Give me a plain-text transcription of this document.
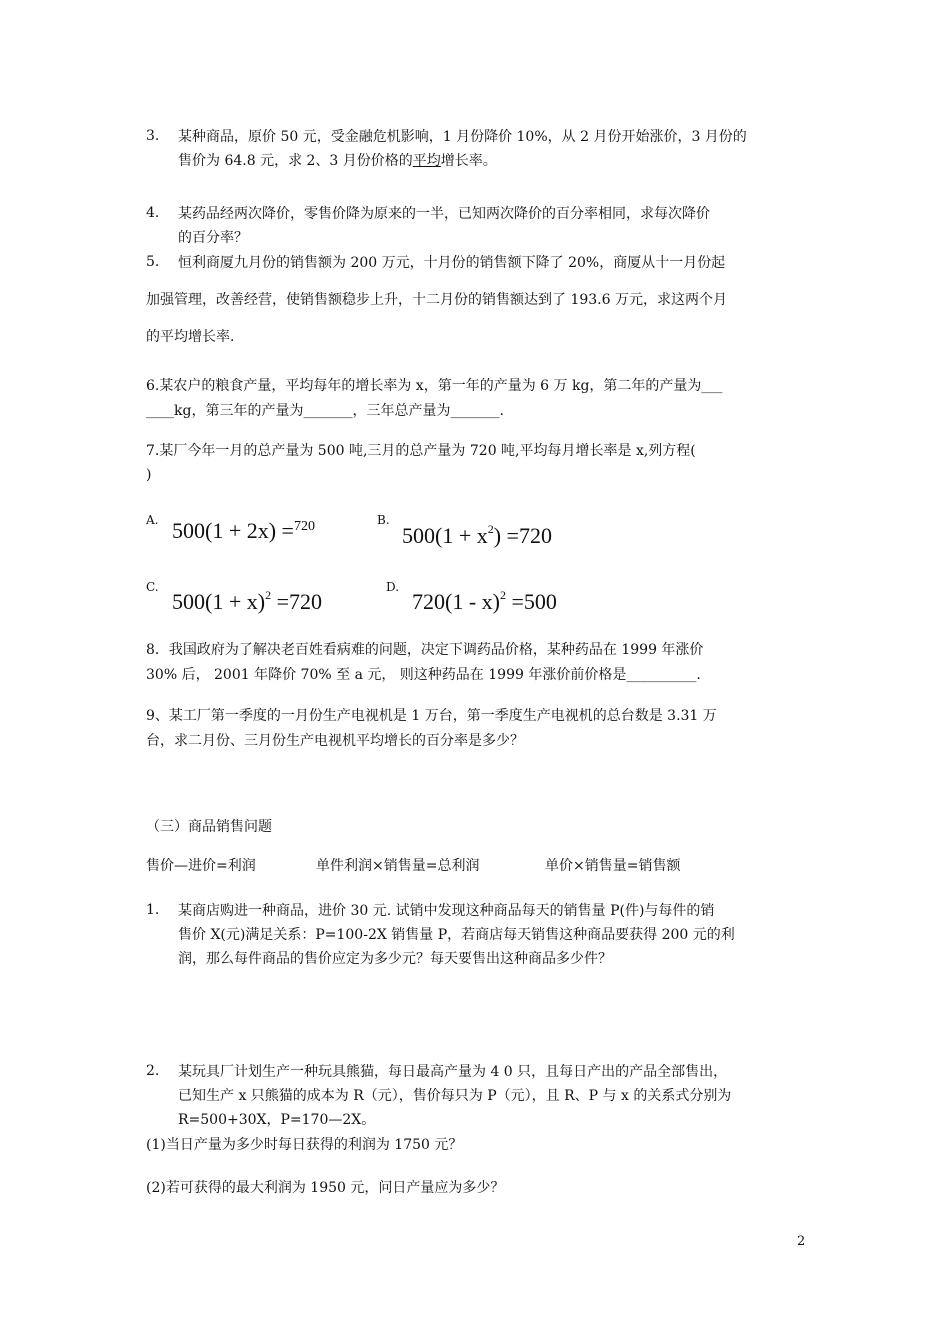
3. 某种商品，原价 50 元，受金融危机影响，1 月份降价 10%，从 2 月份开始涨价，3 月份的
售价为 64.8 元，求 2、3 月份价格的平均增长率。
4. 某药品经两次降价，零售价降为原来的一半，已知两次降价的百分率相同，求每次降价
的百分率？
5. 恒利商厦九月份的销售额为 200 万元，十月份的销售额下降了 20%，商厦从十一月份起
加强管理，改善经营，使销售额稳步上升，十二月份的销售额达到了 193.6 万元，求这两个月
的平均增长率.
6.某农户的粮食产量，平均每年的增长率为 x，第一年的产量为 6 万 kg，第二年的产量为___
____kg，第三年的产量为_______，三年总产量为_______.
7.某厂今年一月的总产量为 500 吨,三月的总产量为 720 吨,平均每月增长率是 x,列方程(
)
A. 500(1 + 2x) =$^{720}$	B.
$500(1 + x^2) =720$
C.
$500(1 + x)^2 =720$
D.
720(1 - x)$^2$ =500
8．我国政府为了解决老百姓看病难的问题，决定下调药品价格，某种药品在 1999 年涨价
30% 后， 2001 年降价 70% 至 a 元， 则这种药品在 1999 年涨价前价格是__________.
9、某工厂第一季度的一月份生产电视机是 1 万台，第一季度生产电视机的总台数是 3.31 万
台，求二月份、三月份生产电视机平均增长的百分率是多少？
（三）商品销售问题
售价—进价=利润	单件利润×销售量=总利润	单价×销售量=销售额
1. 某商店购进一种商品，进价 30 元. 试销中发现这种商品每天的销售量 P(件)与每件的销
售价 X(元)满足关系：P=100-2X 销售量 P，若商店每天销售这种商品要获得 200 元的利
润，那么每件商品的售价应定为多少元？每天要售出这种商品多少件？
2. 某玩具厂计划生产一种玩具熊猫，每日最高产量为 4 0 只，且每日产出的产品全部售出，
已知生产 x 只熊猫的成本为 R（元），售价每只为 P（元），且 R、P 与 x 的关系式分别为
R=500+30X，P=170—2X。
(1)当日产量为多少时每日获得的利润为 1750 元？
(2)若可获得的最大利润为 1950 元，问日产量应为多少？
2
